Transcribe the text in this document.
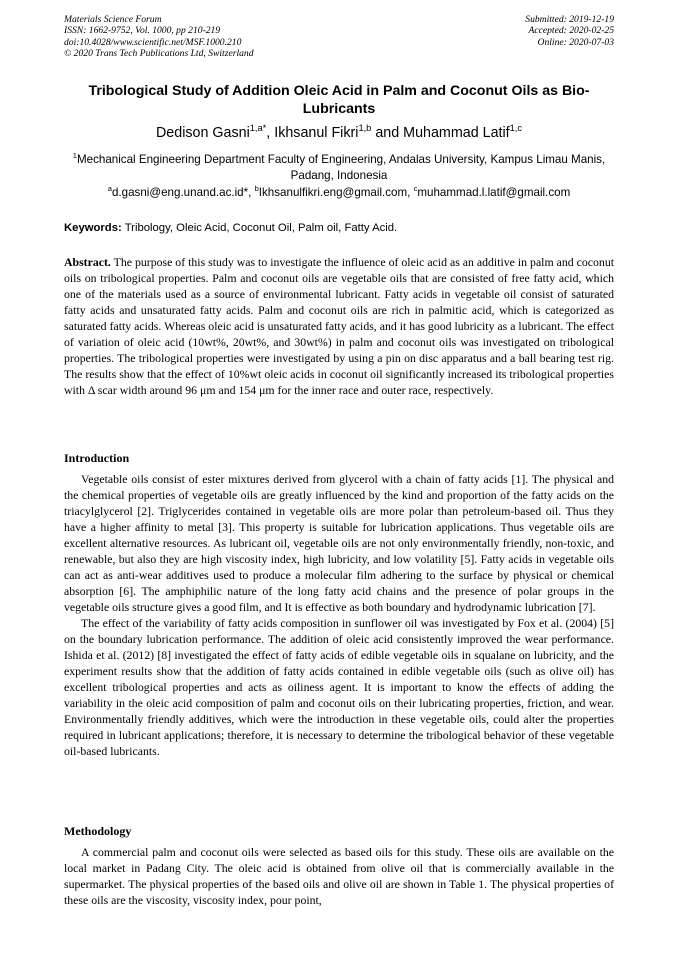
Materials Science Forum
ISSN: 1662-9752, Vol. 1000, pp 210-219
doi:10.4028/www.scientific.net/MSF.1000.210
© 2020 Trans Tech Publications Ltd, Switzerland
Submitted: 2019-12-19
Accepted: 2020-02-25
Online: 2020-07-03
Tribological Study of Addition Oleic Acid in Palm and Coconut Oils as Bio-Lubricants
Dedison Gasni$^{1,a*}$, Ikhsanul Fikri$^{1,b}$ and Muhammad Latif$^{1,c}$
$^1$Mechanical Engineering Department Faculty of Engineering, Andalas University, Kampus Limau Manis, Padang, Indonesia
$^a$d.gasni@eng.unand.ac.id*, $^b$Ikhsanulfikri.eng@gmail.com, $^c$muhammad.l.latif@gmail.com
Keywords: Tribology, Oleic Acid, Coconut Oil, Palm oil, Fatty Acid.
Abstract. The purpose of this study was to investigate the influence of oleic acid as an additive in palm and coconut oils on tribological properties. Palm and coconut oils are vegetable oils that are consisted of free fatty acid, which one of the materials used as a source of environmental lubricant. Fatty acids in vegetable oil consist of saturated fatty acids and unsaturated fatty acids. Palm and coconut oils are rich in palmitic acid, which is categorized as saturated fatty acids. Whereas oleic acid is unsaturated fatty acids, and it has good lubricity as a lubricant. The effect of variation of oleic acid (10wt%, 20wt%, and 30wt%) in palm and coconut oils was investigated on tribological properties. The tribological properties were investigated by using a pin on disc apparatus and a ball bearing test rig. The results show that the effect of 10%wt oleic acids in coconut oil significantly increased its tribological properties with Δ scar width around 96 μm and 154 μm for the inner race and outer race, respectively.
Introduction

Vegetable oils consist of ester mixtures derived from glycerol with a chain of fatty acids [1]. The physical and the chemical properties of vegetable oils are greatly influenced by the kind and proportion of the fatty acids on the triacylglycerol [2]. Triglycerides contained in vegetable oils are more polar than petroleum-based oil. Thus they have a higher affinity to metal [3]. This property is suitable for lubrication applications. Thus vegetable oils are excellent alternative resources. As lubricant oil, vegetable oils are not only environmentally friendly, non-toxic, and renewable, but also they are high viscosity index, high lubricity, and low volatility [5]. Fatty acids in vegetable oils can act as anti-wear additives used to produce a molecular film adhering to the surface by physical or chemical absorption [6]. The amphiphilic nature of the long fatty acid chains and the presence of polar groups in the vegetable oils structure gives a good film, and It is effective as both boundary and hydrodynamic lubrication [7].

The effect of the variability of fatty acids composition in sunflower oil was investigated by Fox et al. (2004) [5] on the boundary lubrication performance. The addition of oleic acid consistently improved the wear performance. Ishida et al. (2012) [8] investigated the effect of fatty acids of edible vegetable oils in squalane on lubricity, and the experiment results show that the addition of fatty acids contained in edible vegetable oils (such as olive oil) has excellent tribological properties and acts as oiliness agent. It is important to know the effects of adding the variability in the oleic acid composition of palm and coconut oils on their lubricating properties, friction, and wear. Environmentally friendly additives, which were the introduction in these vegetable oils, could alter the properties required in lubricant applications; therefore, it is necessary to determine the tribological behavior of these vegetable oil-based lubricants.

Methodology

A commercial palm and coconut oils were selected as based oils for this study. These oils are available on the local market in Padang City. The oleic acid is obtained from olive oil that is commercially available in the supermarket. The physical properties of the based oils and olive oil are shown in Table 1. The physical properties of these oils are the viscosity, viscosity index, pour point,
